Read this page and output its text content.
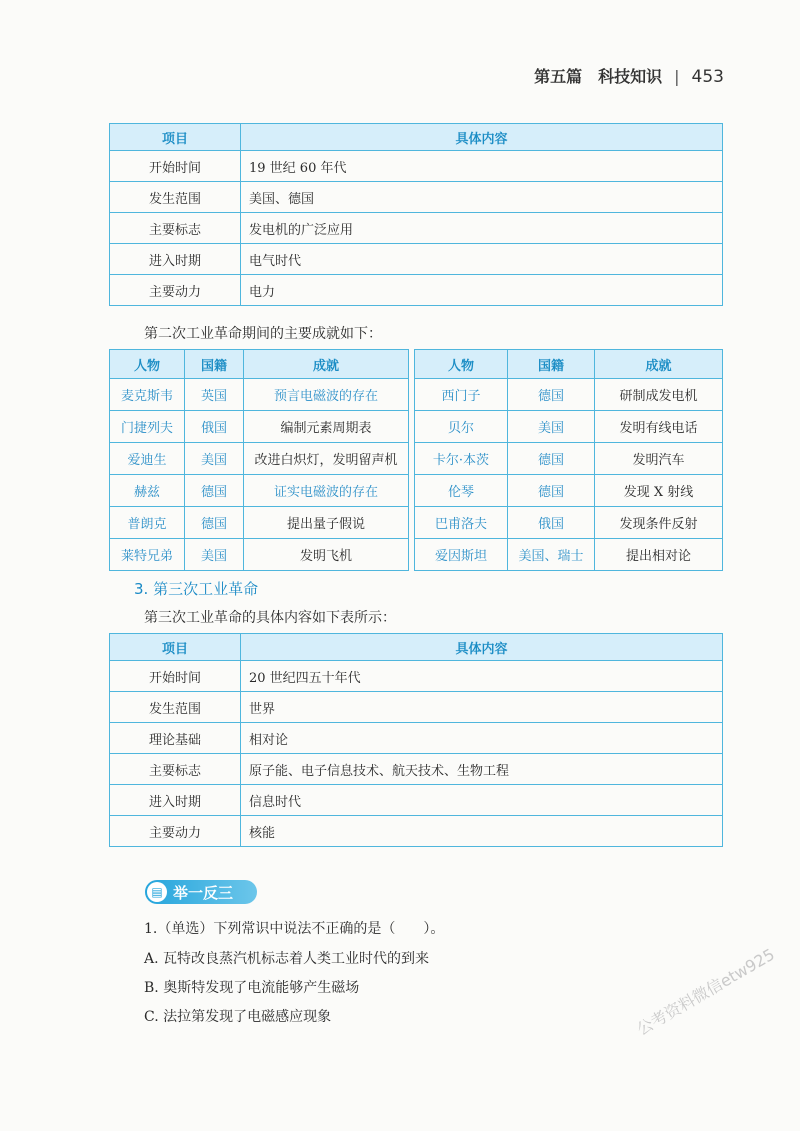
第五篇　科技知识 | 453
项目	具体内容
开始时间	19 世纪 60 年代
发生范围	美国、德国
主要标志	发电机的广泛应用
进入时期	电气时代
主要动力	电力
第二次工业革命期间的主要成就如下：
人物	国籍	成就
麦克斯韦	英国	预言电磁波的存在
门捷列夫	俄国	编制元素周期表
爱迪生	美国	改进白炽灯，发明留声机
赫兹	德国	证实电磁波的存在
普朗克	德国	提出量子假说
莱特兄弟	美国	发明飞机
人物	国籍	成就
西门子	德国	研制成发电机
贝尔	美国	发明有线电话
卡尔·本茨	德国	发明汽车
伦琴	德国	发现 X 射线
巴甫洛夫	俄国	发现条件反射
爱因斯坦	美国、瑞士	提出相对论
3. 第三次工业革命
第三次工业革命的具体内容如下表所示：
项目	具体内容
开始时间	20 世纪四五十年代
发生范围	世界
理论基础	相对论
主要标志	原子能、电子信息技术、航天技术、生物工程
进入时期	信息时代
主要动力	核能
▤ 举一反三
1.（单选）下列常识中说法不正确的是（　　）。
A. 瓦特改良蒸汽机标志着人类工业时代的到来
B. 奥斯特发现了电流能够产生磁场
C. 法拉第发现了电磁感应现象	公考资料微信etw925
